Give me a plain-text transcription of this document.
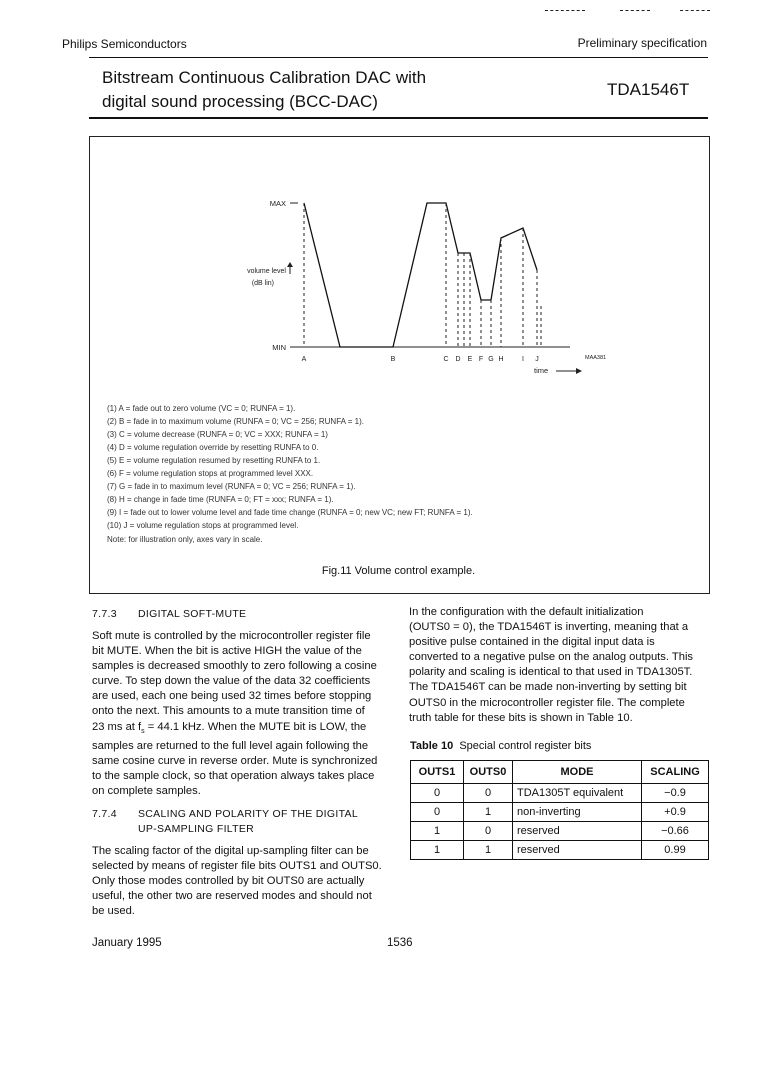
Philips Semiconductors	Preliminary specification
Bitstream Continuous Calibration DAC with
digital sound processing (BCC-DAC)
TDA1546T
MAX
MIN
volume level
(dB lin)
time
MAA381
A	B	C D E F G H	I J
(1) A = fade out to zero volume (VC = 0; RUNFA = 1).
(2) B = fade in to maximum volume (RUNFA = 0; VC = 256; RUNFA = 1).
(3) C = volume decrease (RUNFA = 0; VC = XXX; RUNFA = 1)
(4) D = volume regulation override by resetting RUNFA to 0.
(5) E = volume regulation resumed by resetting RUNFA to 1.
(6) F = volume regulation stops at programmed level XXX.
(7) G = fade in to maximum level (RUNFA = 0; VC = 256; RUNFA = 1).
(8) H = change in fade time (RUNFA = 0; FT = xxx; RUNFA = 1).
(9) I = fade out to lower volume level and fade time change (RUNFA = 0; new VC; new FT; RUNFA = 1).
(10) J = volume regulation stops at programmed level.
Note: for illustration only, axes vary in scale.
Fig.11 Volume control example.
7.7.3 DIGITAL SOFT-MUTE
Soft mute is controlled by the microcontroller register file
bit MUTE. When the bit is active HIGH the value of the
samples is decreased smoothly to zero following a cosine
curve. To step down the value of the data 32 coefficients
are used, each one being used 32 times before stopping
onto the next. This amounts to a mute transition time of
23 ms at $f_s = 44.1$ kHz. When the MUTE bit is LOW, the
samples are returned to the full level again following the
same cosine curve in reverse order. Mute is synchronized
to the sample clock, so that operation always takes place
on complete samples.
7.7.4 SCALING AND POLARITY OF THE DIGITAL
UP-SAMPLING FILTER
The scaling factor of the digital up-sampling filter can be
selected by means of register file bits OUTS1 and OUTS0.
Only those modes controlled by bit OUTS0 are actually
useful, the other two are reserved modes and should not
be used.
In the configuration with the default initialization
(OUTS0 = 0), the TDA1546T is inverting, meaning that a
positive pulse contained in the digital input data is
converted to a negative pulse on the analog outputs. This
polarity and scaling is identical to that used in TDA1305T.
The TDA1546T can be made non-inverting by setting bit
OUTS0 in the microcontroller register file. The complete
truth table for these bits is shown in Table 10.
Table 10 Special control register bits
OUTS1	OUTS0	MODE	SCALING
0	0	TDA1305T equivalent	−0.9
0	1	non-inverting	+0.9
1	0	reserved	−0.66
1	1	reserved	0.99
January 1995	1536
